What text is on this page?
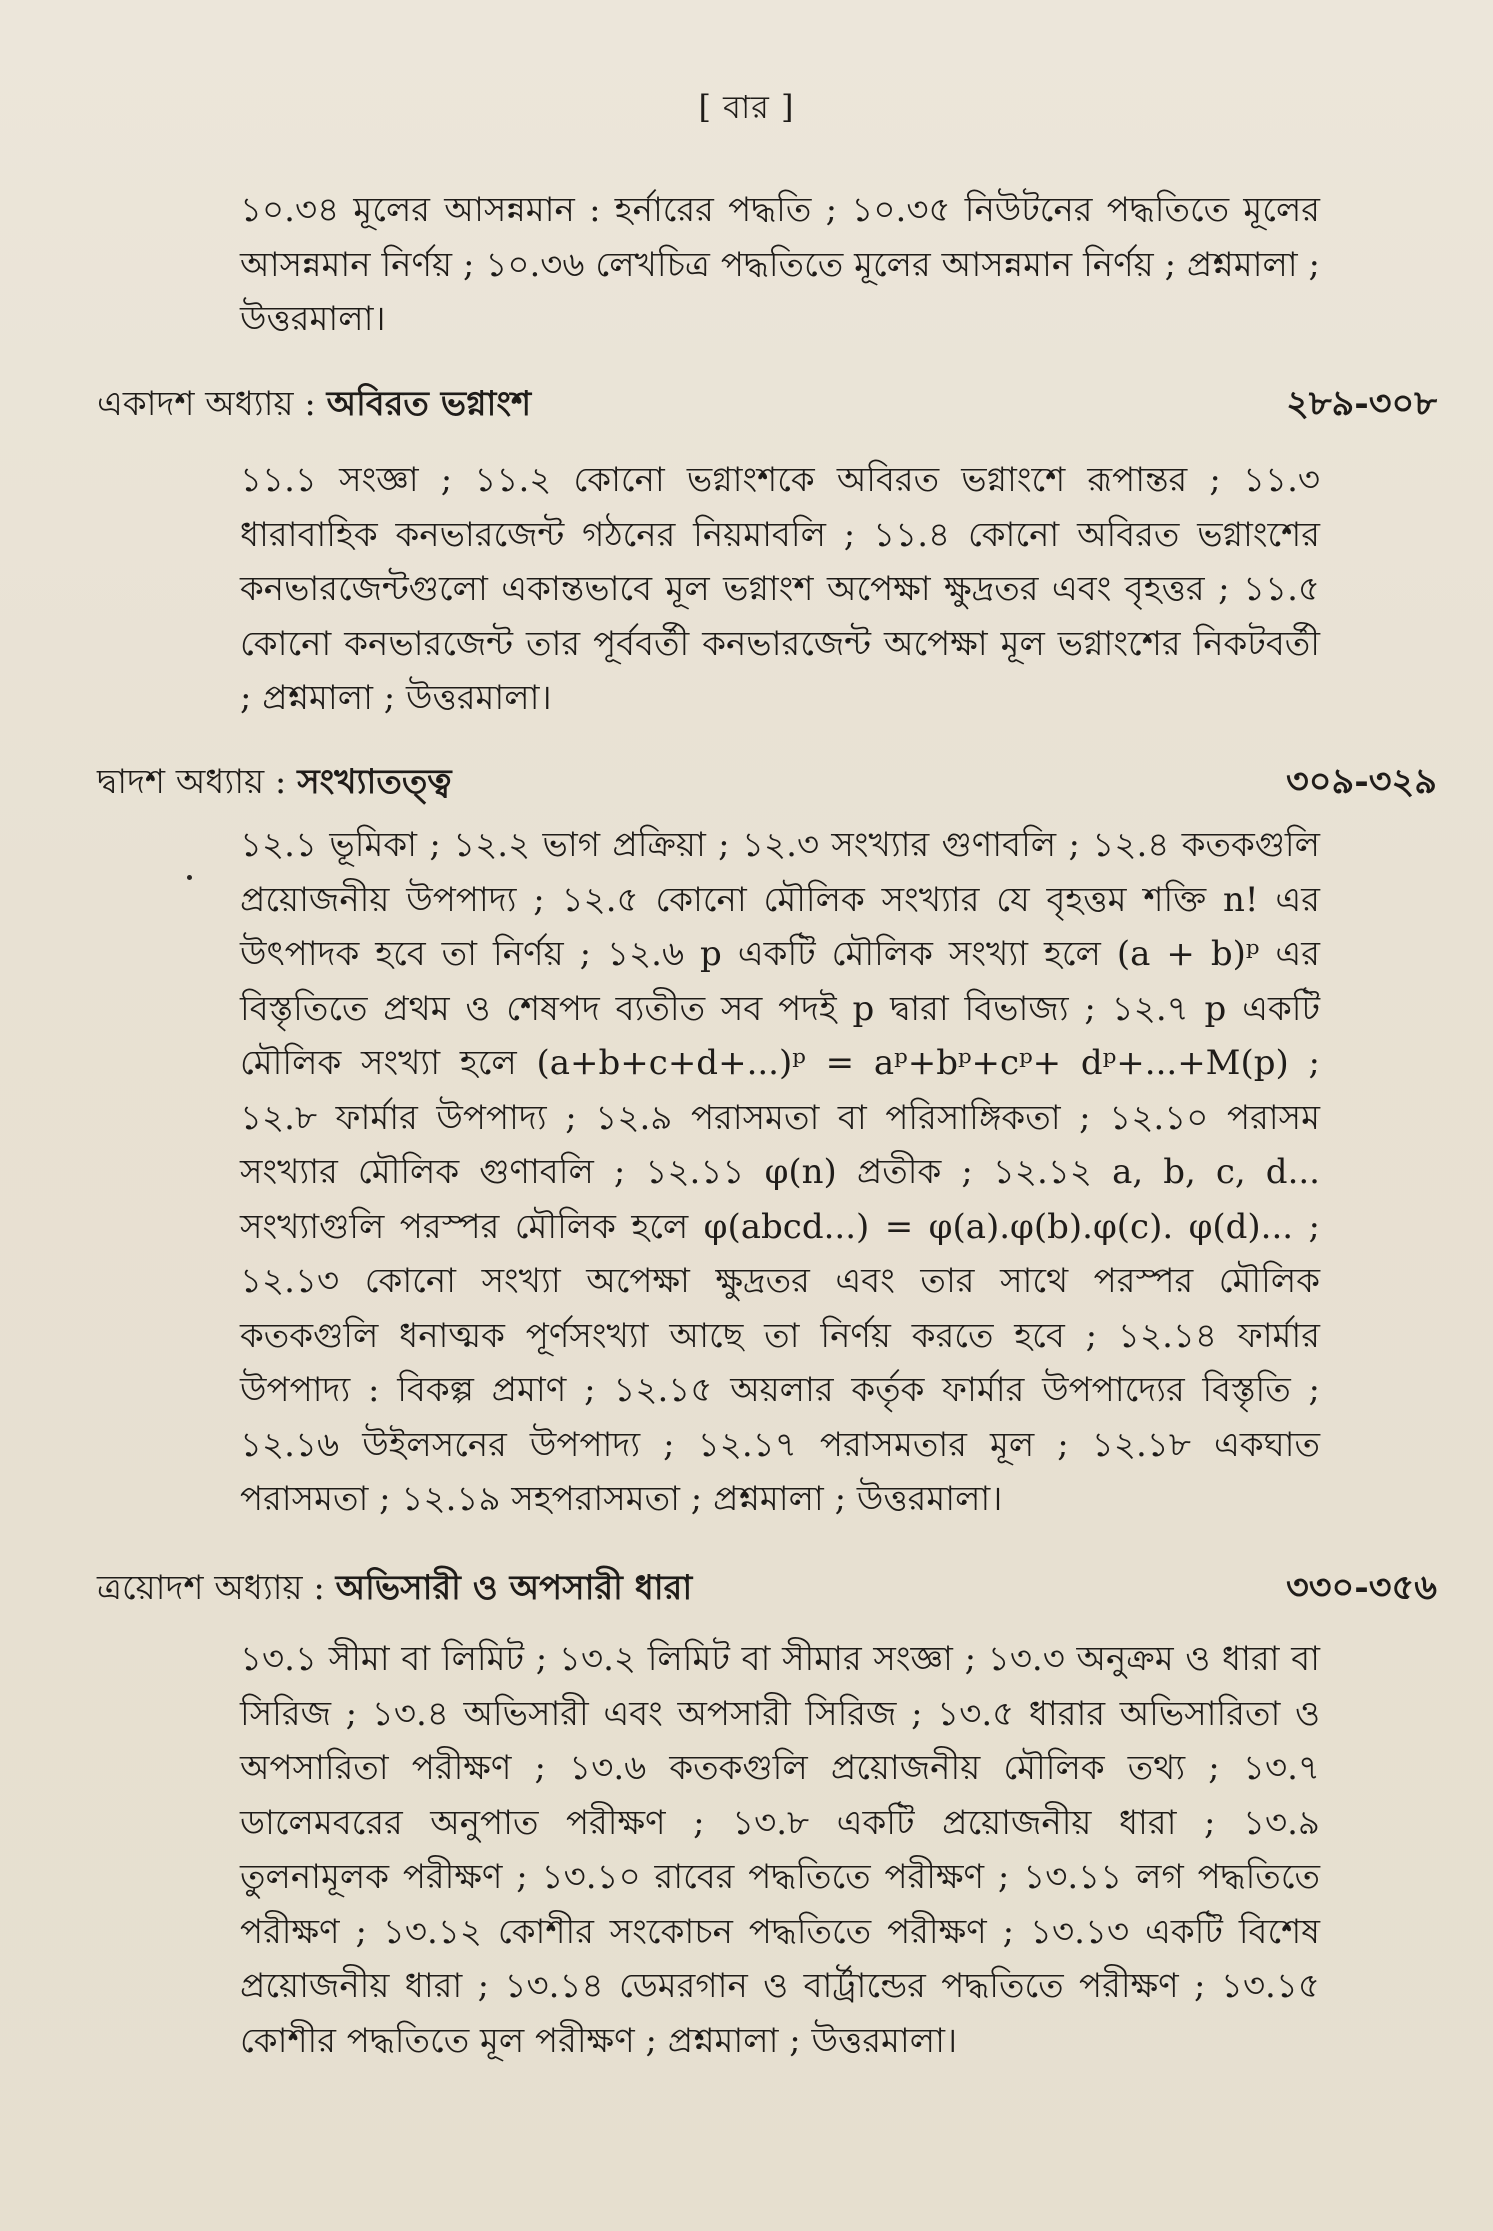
[ বার ]
১০.৩৪ মূলের আসন্নমান : হর্নারের পদ্ধতি ; ১০.৩৫ নিউটনের পদ্ধতিতে মূলের আসন্নমান নির্ণয় ; ১০.৩৬ লেখচিত্র পদ্ধতিতে মূলের আসন্নমান নির্ণয় ; প্রশ্নমালা ; উত্তরমালা।
একাদশ অধ্যায় : অবিরত ভগ্নাংশ	২৮৯-৩০৮
১১.১ সংজ্ঞা ; ১১.২ কোনো ভগ্নাংশকে অবিরত ভগ্নাংশে রূপান্তর ; ১১.৩ ধারাবাহিক কনভারজেন্ট গঠনের নিয়মাবলি ; ১১.৪ কোনো অবিরত ভগ্নাংশের কনভারজেন্টগুলো একান্তভাবে মূল ভগ্নাংশ অপেক্ষা ক্ষুদ্রতর এবং বৃহত্তর ; ১১.৫ কোনো কনভারজেন্ট তার পূর্ববর্তী কনভারজেন্ট অপেক্ষা মূল ভগ্নাংশের নিকটবর্তী ; প্রশ্নমালা ; উত্তরমালা।
দ্বাদশ অধ্যায় : সংখ্যাতত্ত্ব	৩০৯-৩২৯
১২.১ ভূমিকা ; ১২.২ ভাগ প্রক্রিয়া ; ১২.৩ সংখ্যার গুণাবলি ; ১২.৪ কতকগুলি প্রয়োজনীয় উপপাদ্য ; ১২.৫ কোনো মৌলিক সংখ্যার যে বৃহত্তম শক্তি n! এর উৎপাদক হবে তা নির্ণয় ; ১২.৬ p একটি মৌলিক সংখ্যা হলে (a + b)ᵖ এর বিস্তৃতিতে প্রথম ও শেষপদ ব্যতীত সব পদই p দ্বারা বিভাজ্য ; ১২.৭ p একটি মৌলিক সংখ্যা হলে (a+b+c+d+...)ᵖ = aᵖ+bᵖ+cᵖ+ dᵖ+...+M(p) ; ১২.৮ ফার্মার উপপাদ্য ; ১২.৯ পরাসমতা বা পরিসাঙ্গিকতা ; ১২.১০ পরাসম সংখ্যার মৌলিক গুণাবলি ; ১২.১১ φ(n) প্রতীক ; ১২.১২ a, b, c, d... সংখ্যাগুলি পরস্পর মৌলিক হলে φ(abcd...) = φ(a).φ(b).φ(c). φ(d)... ; ১২.১৩ কোনো সংখ্যা অপেক্ষা ক্ষুদ্রতর এবং তার সাথে পরস্পর মৌলিক কতকগুলি ধনাত্মক পূর্ণসংখ্যা আছে তা নির্ণয় করতে হবে ; ১২.১৪ ফার্মার উপপাদ্য : বিকল্প প্রমাণ ; ১২.১৫ অয়লার কর্তৃক ফার্মার উপপাদ্যের বিস্তৃতি ; ১২.১৬ উইলসনের উপপাদ্য ; ১২.১৭ পরাসমতার মূল ; ১২.১৮ একঘাত পরাসমতা ; ১২.১৯ সহপরাসমতা ; প্রশ্নমালা ; উত্তরমালা।
ত্রয়োদশ অধ্যায় : অভিসারী ও অপসারী ধারা	৩৩০-৩৫৬
১৩.১ সীমা বা লিমিট ; ১৩.২ লিমিট বা সীমার সংজ্ঞা ; ১৩.৩ অনুক্রম ও ধারা বা সিরিজ ; ১৩.৪ অভিসারী এবং অপসারী সিরিজ ; ১৩.৫ ধারার অভিসারিতা ও অপসারিতা পরীক্ষণ ; ১৩.৬ কতকগুলি প্রয়োজনীয় মৌলিক তথ্য ; ১৩.৭ ডালেমবরের অনুপাত পরীক্ষণ ; ১৩.৮ একটি প্রয়োজনীয় ধারা ; ১৩.৯ তুলনামূলক পরীক্ষণ ; ১৩.১০ রাবের পদ্ধতিতে পরীক্ষণ ; ১৩.১১ লগ পদ্ধতিতে পরীক্ষণ ; ১৩.১২ কোশীর সংকোচন পদ্ধতিতে পরীক্ষণ ; ১৩.১৩ একটি বিশেষ প্রয়োজনীয় ধারা ; ১৩.১৪ ডেমরগান ও বার্ট্রান্ডের পদ্ধতিতে পরীক্ষণ ; ১৩.১৫ কোশীর পদ্ধতিতে মূল পরীক্ষণ ; প্রশ্নমালা ; উত্তরমালা।
